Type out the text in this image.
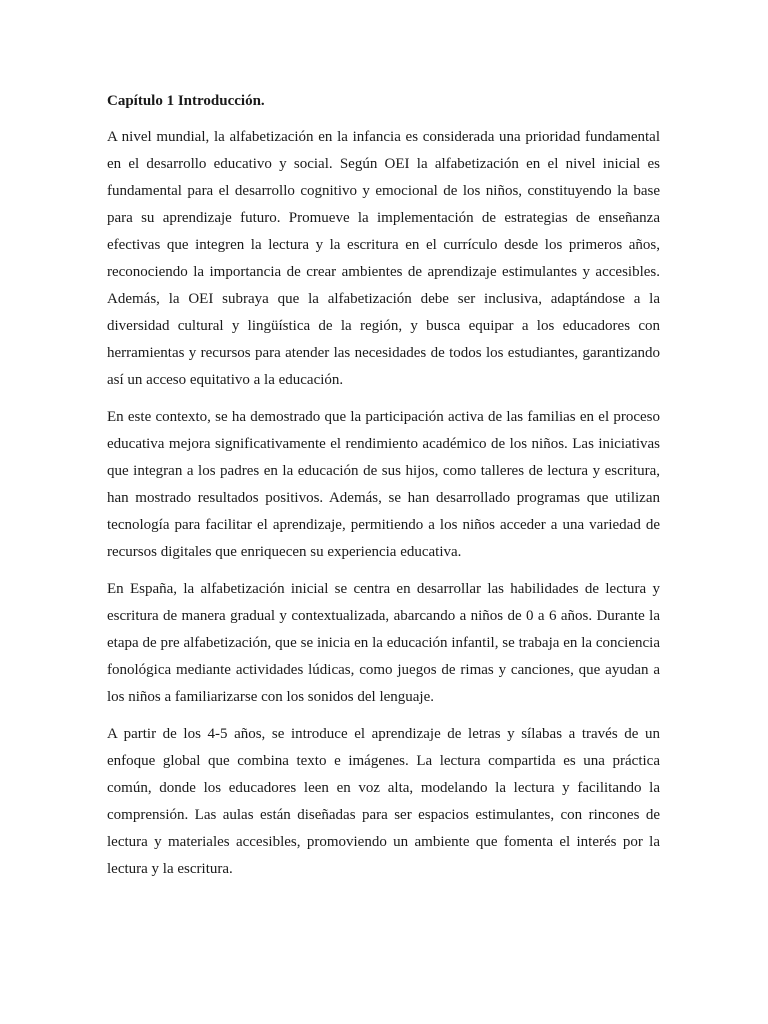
Capítulo 1 Introducción.

A nivel mundial, la alfabetización en la infancia es considerada una prioridad fundamental en el desarrollo educativo y social. Según OEI la alfabetización en el nivel inicial es fundamental para el desarrollo cognitivo y emocional de los niños, constituyendo la base para su aprendizaje futuro. Promueve la implementación de estrategias de enseñanza efectivas que integren la lectura y la escritura en el currículo desde los primeros años, reconociendo la importancia de crear ambientes de aprendizaje estimulantes y accesibles. Además, la OEI subraya que la alfabetización debe ser inclusiva, adaptándose a la diversidad cultural y lingüística de la región, y busca equipar a los educadores con herramientas y recursos para atender las necesidades de todos los estudiantes, garantizando así un acceso equitativo a la educación.

En este contexto, se ha demostrado que la participación activa de las familias en el proceso educativa mejora significativamente el rendimiento académico de los niños. Las iniciativas que integran a los padres en la educación de sus hijos, como talleres de lectura y escritura, han mostrado resultados positivos. Además, se han desarrollado programas que utilizan tecnología para facilitar el aprendizaje, permitiendo a los niños acceder a una variedad de recursos digitales que enriquecen su experiencia educativa.

En España, la alfabetización inicial se centra en desarrollar las habilidades de lectura y escritura de manera gradual y contextualizada, abarcando a niños de 0 a 6 años. Durante la etapa de pre alfabetización, que se inicia en la educación infantil, se trabaja en la conciencia fonológica mediante actividades lúdicas, como juegos de rimas y canciones, que ayudan a los niños a familiarizarse con los sonidos del lenguaje.

A partir de los 4-5 años, se introduce el aprendizaje de letras y sílabas a través de un enfoque global que combina texto e imágenes. La lectura compartida es una práctica común, donde los educadores leen en voz alta, modelando la lectura y facilitando la comprensión. Las aulas están diseñadas para ser espacios estimulantes, con rincones de lectura y materiales accesibles, promoviendo un ambiente que fomenta el interés por la lectura y la escritura.
